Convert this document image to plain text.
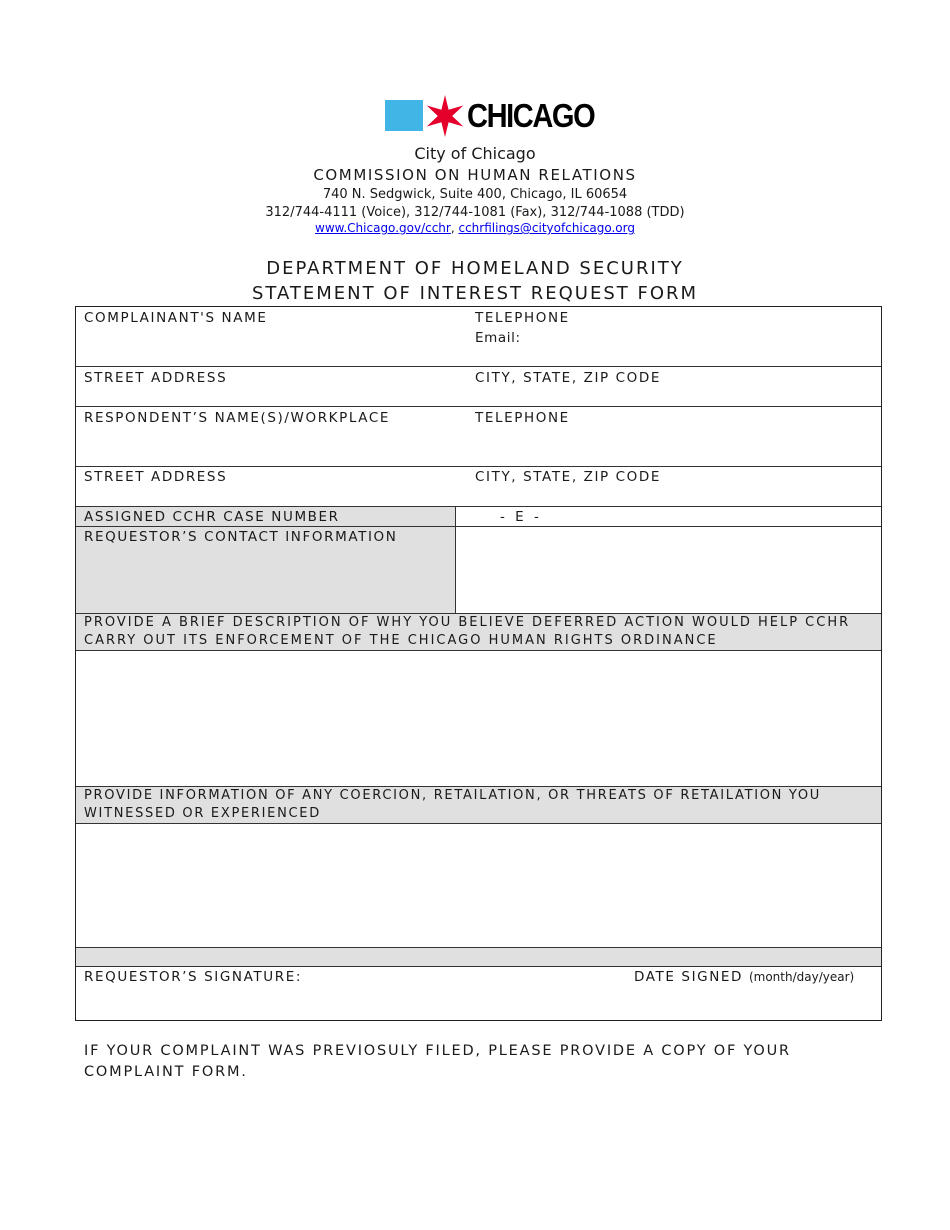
CHICAGO
City of Chicago
COMMISSION ON HUMAN RELATIONS
740 N. Sedgwick, Suite 400, Chicago, IL 60654
312/744-4111 (Voice), 312/744-1081 (Fax), 312/744-1088 (TDD)
www.Chicago.gov/cchr, cchrfilings@cityofchicago.org
DEPARTMENT OF HOMELAND SECURITY
STATEMENT OF INTEREST REQUEST FORM
COMPLAINANT'S NAME	TELEPHONE
Email:
STREET ADDRESS	CITY, STATE, ZIP CODE
RESPONDENT’S NAME(S)/WORKPLACE	TELEPHONE
STREET ADDRESS	CITY, STATE, ZIP CODE
ASSIGNED CCHR CASE NUMBER	- E -
REQUESTOR’S CONTACT INFORMATION
PROVIDE A BRIEF DESCRIPTION OF WHY YOU BELIEVE DEFERRED ACTION WOULD HELP CCHR CARRY OUT ITS ENFORCEMENT OF THE CHICAGO HUMAN RIGHTS ORDINANCE
PROVIDE INFORMATION OF ANY COERCION, RETAILATION, OR THREATS OF RETAILATION YOU WITNESSED OR EXPERIENCED
REQUESTOR’S SIGNATURE:	DATE SIGNED (month/day/year)
IF YOUR COMPLAINT WAS PREVIOSULY FILED, PLEASE PROVIDE A COPY OF YOUR COMPLAINT FORM.
